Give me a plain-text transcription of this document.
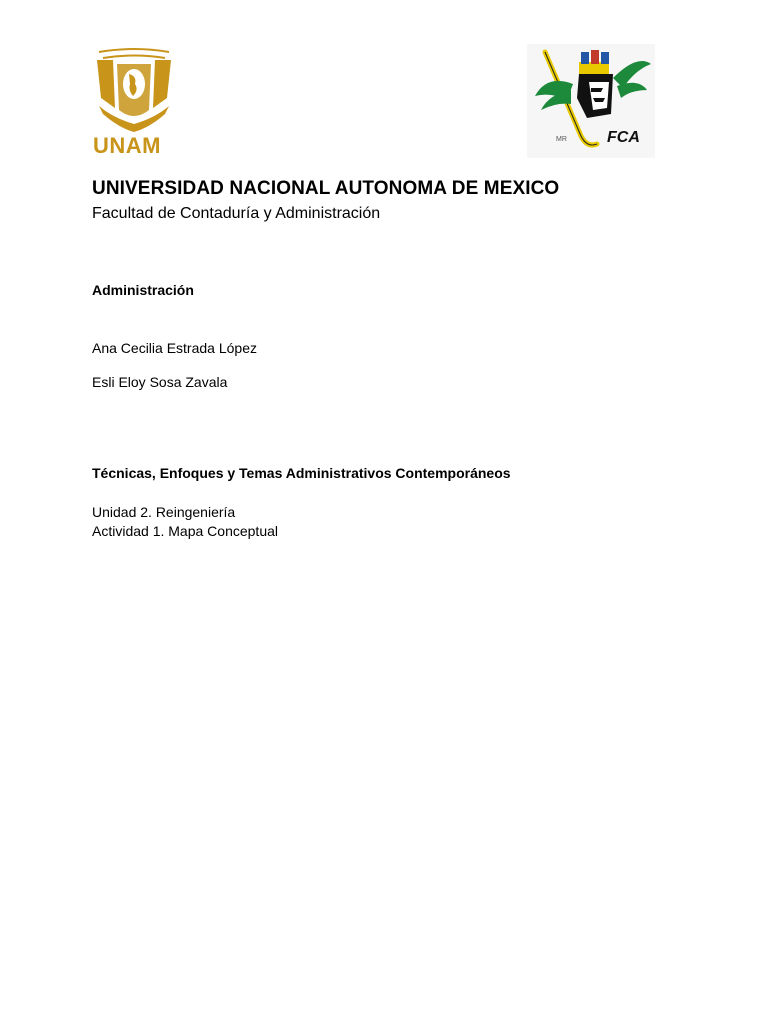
UNAM	FCA
MR
UNIVERSIDAD NACIONAL AUTONOMA DE MEXICO
Facultad de Contaduría y Administración
Administración
Ana Cecilia Estrada López
Esli Eloy Sosa Zavala
Técnicas, Enfoques y Temas Administrativos Contemporáneos
Unidad 2. Reingeniería
Actividad 1. Mapa Conceptual
